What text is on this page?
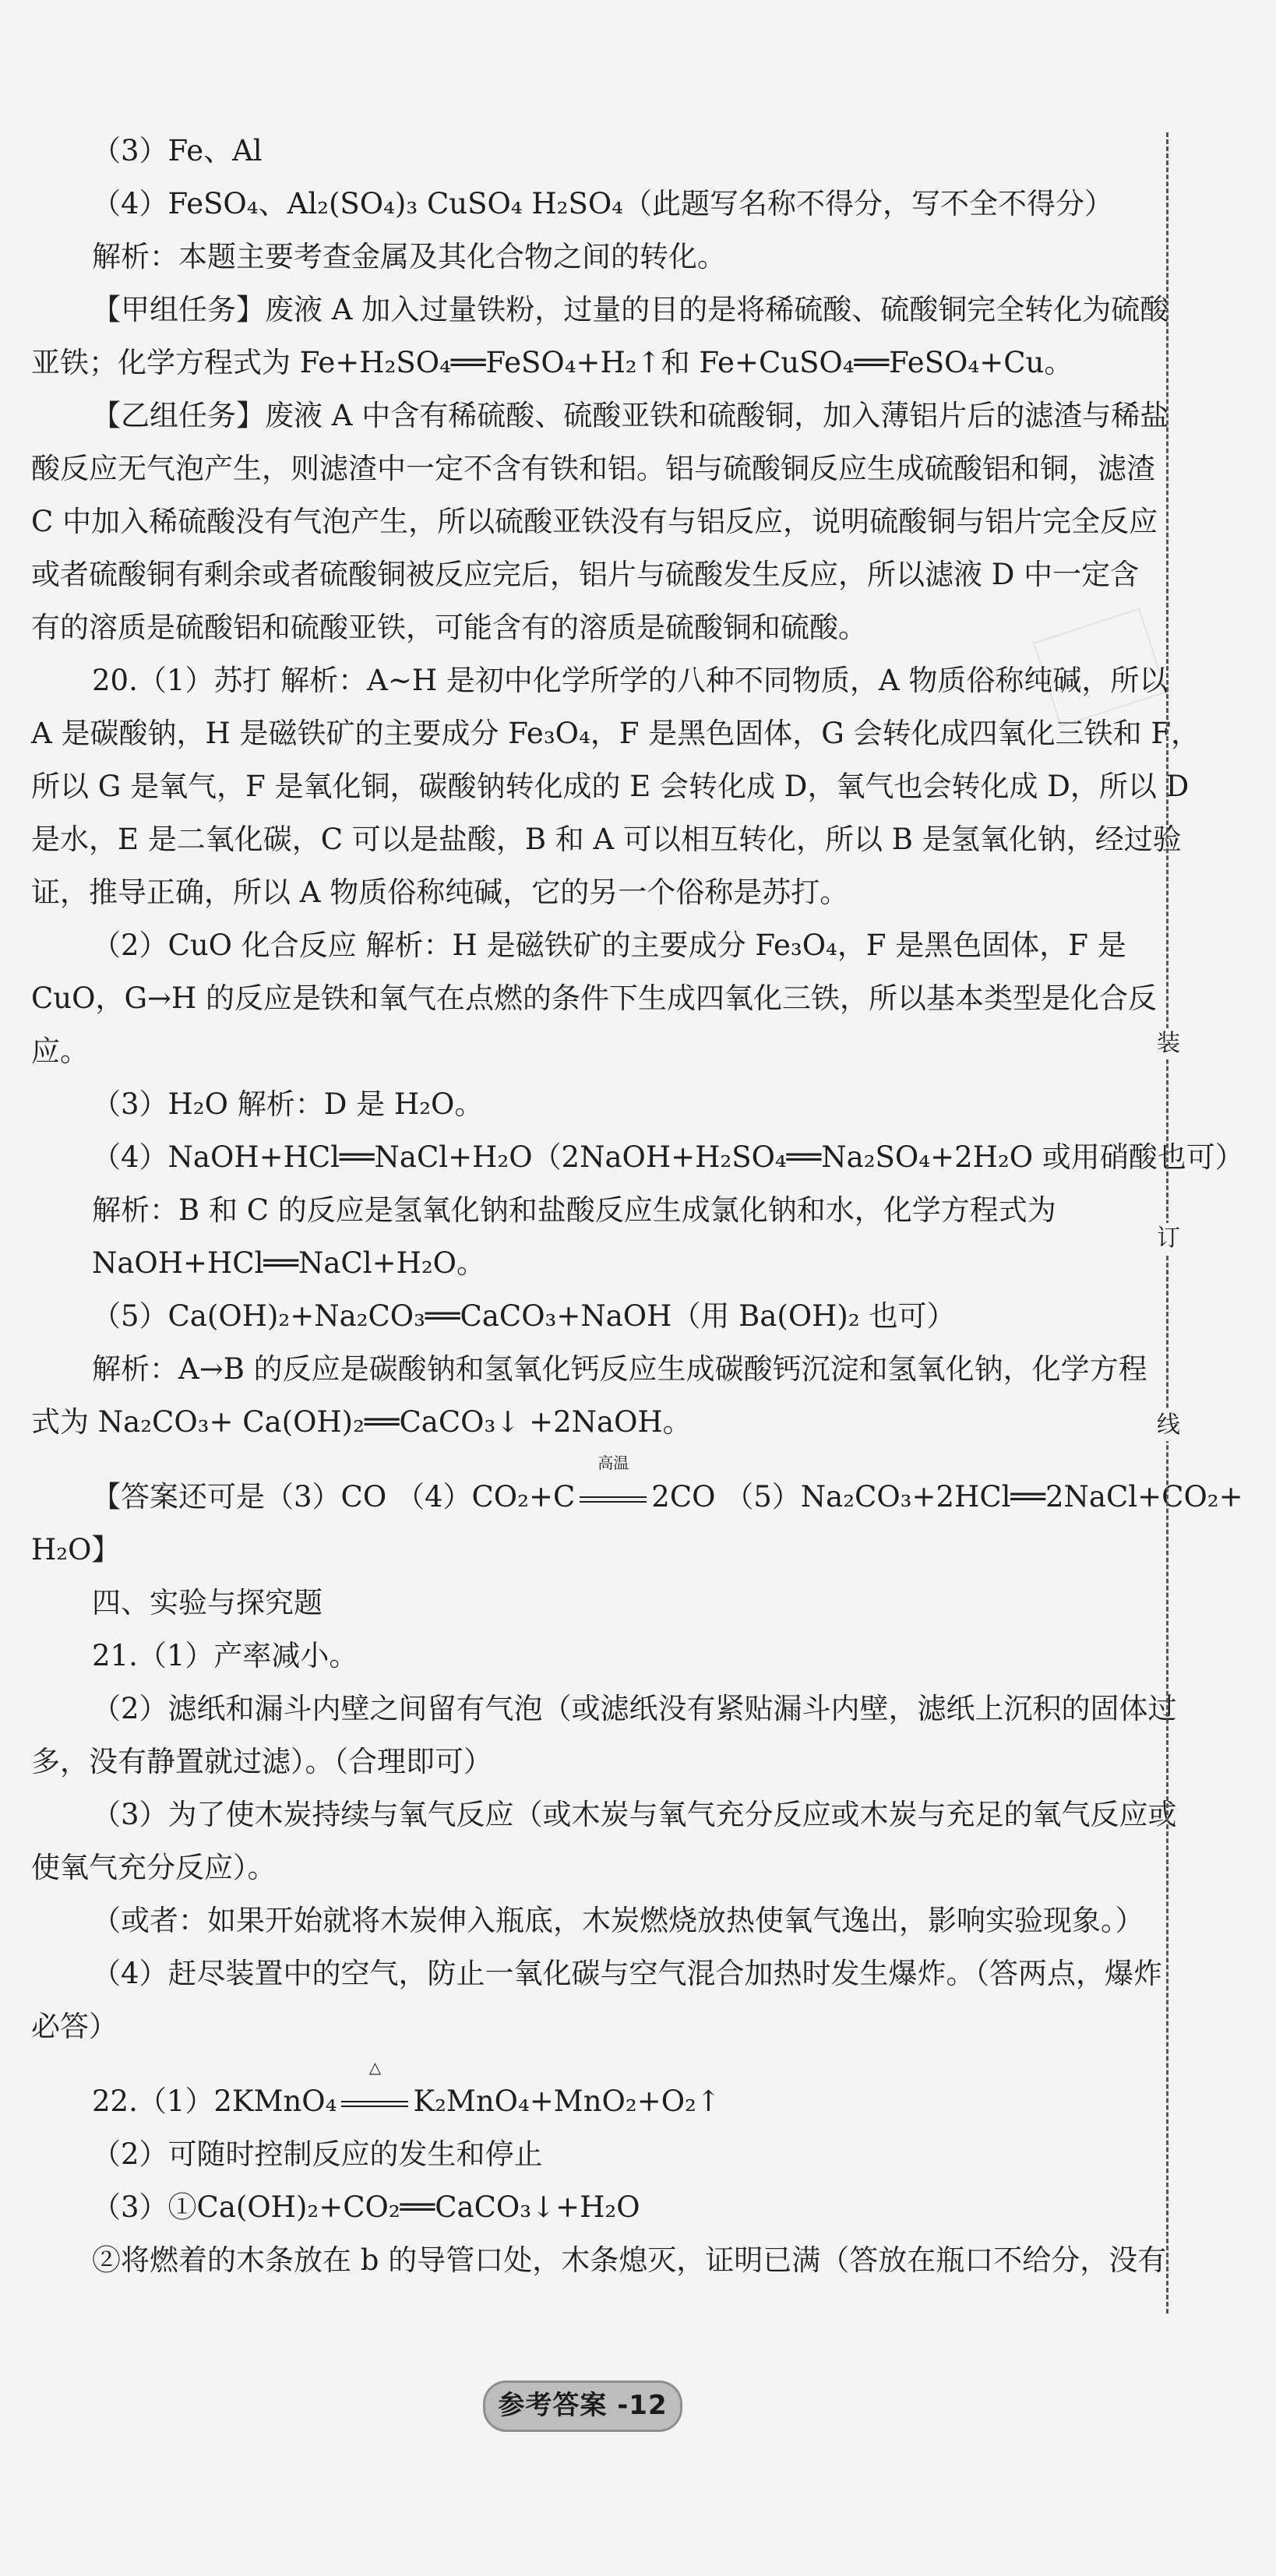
（3）Fe、Al
（4）FeSO₄、Al₂(SO₄)₃ CuSO₄ H₂SO₄（此题写名称不得分，写不全不得分）
解析：本题主要考查金属及其化合物之间的转化。
【甲组任务】废液 A 加入过量铁粉，过量的目的是将稀硫酸、硫酸铜完全转化为硫酸
亚铁；化学方程式为 Fe+H₂SO₄══FeSO₄+H₂↑和 Fe+CuSO₄══FeSO₄+Cu。
【乙组任务】废液 A 中含有稀硫酸、硫酸亚铁和硫酸铜，加入薄铝片后的滤渣与稀盐
酸反应无气泡产生，则滤渣中一定不含有铁和铝。铝与硫酸铜反应生成硫酸铝和铜，滤渣
C 中加入稀硫酸没有气泡产生，所以硫酸亚铁没有与铝反应，说明硫酸铜与铝片完全反应
或者硫酸铜有剩余或者硫酸铜被反应完后，铝片与硫酸发生反应，所以滤液 D 中一定含
有的溶质是硫酸铝和硫酸亚铁，可能含有的溶质是硫酸铜和硫酸。
20.（1）苏打 解析：A~H 是初中化学所学的八种不同物质，A 物质俗称纯碱，所以
A 是碳酸钠，H 是磁铁矿的主要成分 Fe₃O₄，F 是黑色固体，G 会转化成四氧化三铁和 F，
所以 G 是氧气，F 是氧化铜，碳酸钠转化成的 E 会转化成 D，氧气也会转化成 D，所以 D
是水，E 是二氧化碳，C 可以是盐酸，B 和 A 可以相互转化，所以 B 是氢氧化钠，经过验
证，推导正确，所以 A 物质俗称纯碱，它的另一个俗称是苏打。
（2）CuO 化合反应 解析：H 是磁铁矿的主要成分 Fe₃O₄，F 是黑色固体，F 是
CuO，G→H 的反应是铁和氧气在点燃的条件下生成四氧化三铁，所以基本类型是化合反
应。
（3）H₂O 解析：D 是 H₂O。
（4）NaOH+HCl══NaCl+H₂O（2NaOH+H₂SO₄══Na₂SO₄+2H₂O 或用硝酸也可）
解析：B 和 C 的反应是氢氧化钠和盐酸反应生成氯化钠和水，化学方程式为
NaOH+HCl══NaCl+H₂O。
（5）Ca(OH)₂+Na₂CO₃══CaCO₃+NaOH（用 Ba(OH)₂ 也可）
解析：A→B 的反应是碳酸钠和氢氧化钙反应生成碳酸钙沉淀和氢氧化钠，化学方程
式为 Na₂CO₃+ Ca(OH)₂══CaCO₃↓ +2NaOH。
【答案还可是（3）CO （4）CO₂+C
高温
2CO （5）Na₂CO₃+2HCl══2NaCl+CO₂+
H₂O】
四、实验与探究题
21.（1）产率减小。
（2）滤纸和漏斗内壁之间留有气泡（或滤纸没有紧贴漏斗内壁，滤纸上沉积的固体过
多，没有静置就过滤）。（合理即可）
（3）为了使木炭持续与氧气反应（或木炭与氧气充分反应或木炭与充足的氧气反应或
使氧气充分反应）。
（或者：如果开始就将木炭伸入瓶底，木炭燃烧放热使氧气逸出，影响实验现象。）
（4）赶尽装置中的空气，防止一氧化碳与空气混合加热时发生爆炸。（答两点，爆炸
必答）
22.（1）2KMnO₄
△
K₂MnO₄+MnO₂+O₂↑
（2）可随时控制反应的发生和停止
（3）①Ca(OH)₂+CO₂══CaCO₃↓+H₂O
②将燃着的木条放在 b 的导管口处，木条熄灭，证明已满（答放在瓶口不给分，没有
装
订
线
参考答案 -12
